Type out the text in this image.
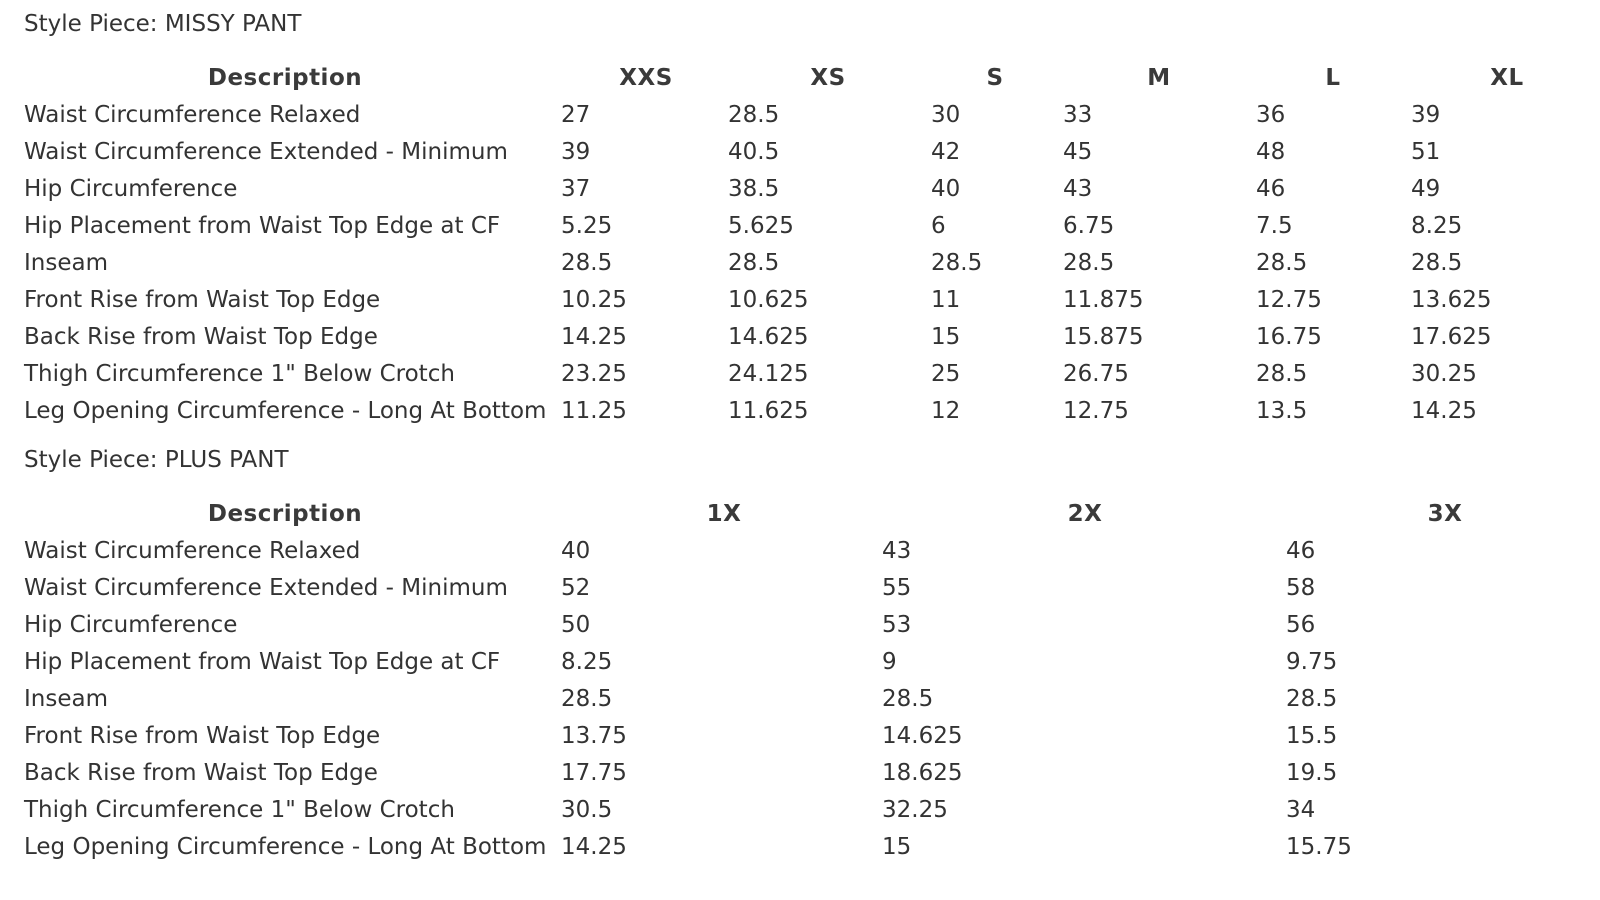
Style Piece: MISSY PANT
Description	XXS	XS	S	M	L	XL
Waist Circumference Relaxed	27	28.5	30	33	36	39
Waist Circumference Extended - Minimum 39	40.5	42	45	48	51
Hip Circumference	37	38.5	40	43	46	49
Hip Placement from Waist Top Edge at CF	5.25	5.625	6	6.75	7.5	8.25
Inseam	28.5	28.5	28.5	28.5	28.5	28.5
Front Rise from Waist Top Edge	10.25	10.625	11	11.875	12.75	13.625
Back Rise from Waist Top Edge	14.25	14.625	15	15.875	16.75	17.625
Thigh Circumference 1" Below Crotch	23.25	24.125	25	26.75	28.5	30.25
Leg Opening Circumference - Long At Bottom 11.25	11.625	12	12.75	13.5	14.25
Style Piece: PLUS PANT
Description	1X	2X	3X
Waist Circumference Relaxed	40	43	46
Waist Circumference Extended - Minimum 52	55	58
Hip Circumference	50	53	56
Hip Placement from Waist Top Edge at CF	8.25	9	9.75
Inseam	28.5	28.5	28.5
Front Rise from Waist Top Edge	13.75	14.625	15.5
Back Rise from Waist Top Edge	17.75	18.625	19.5
Thigh Circumference 1" Below Crotch	30.5	32.25	34
Leg Opening Circumference - Long At Bottom 14.25	15	15.75
